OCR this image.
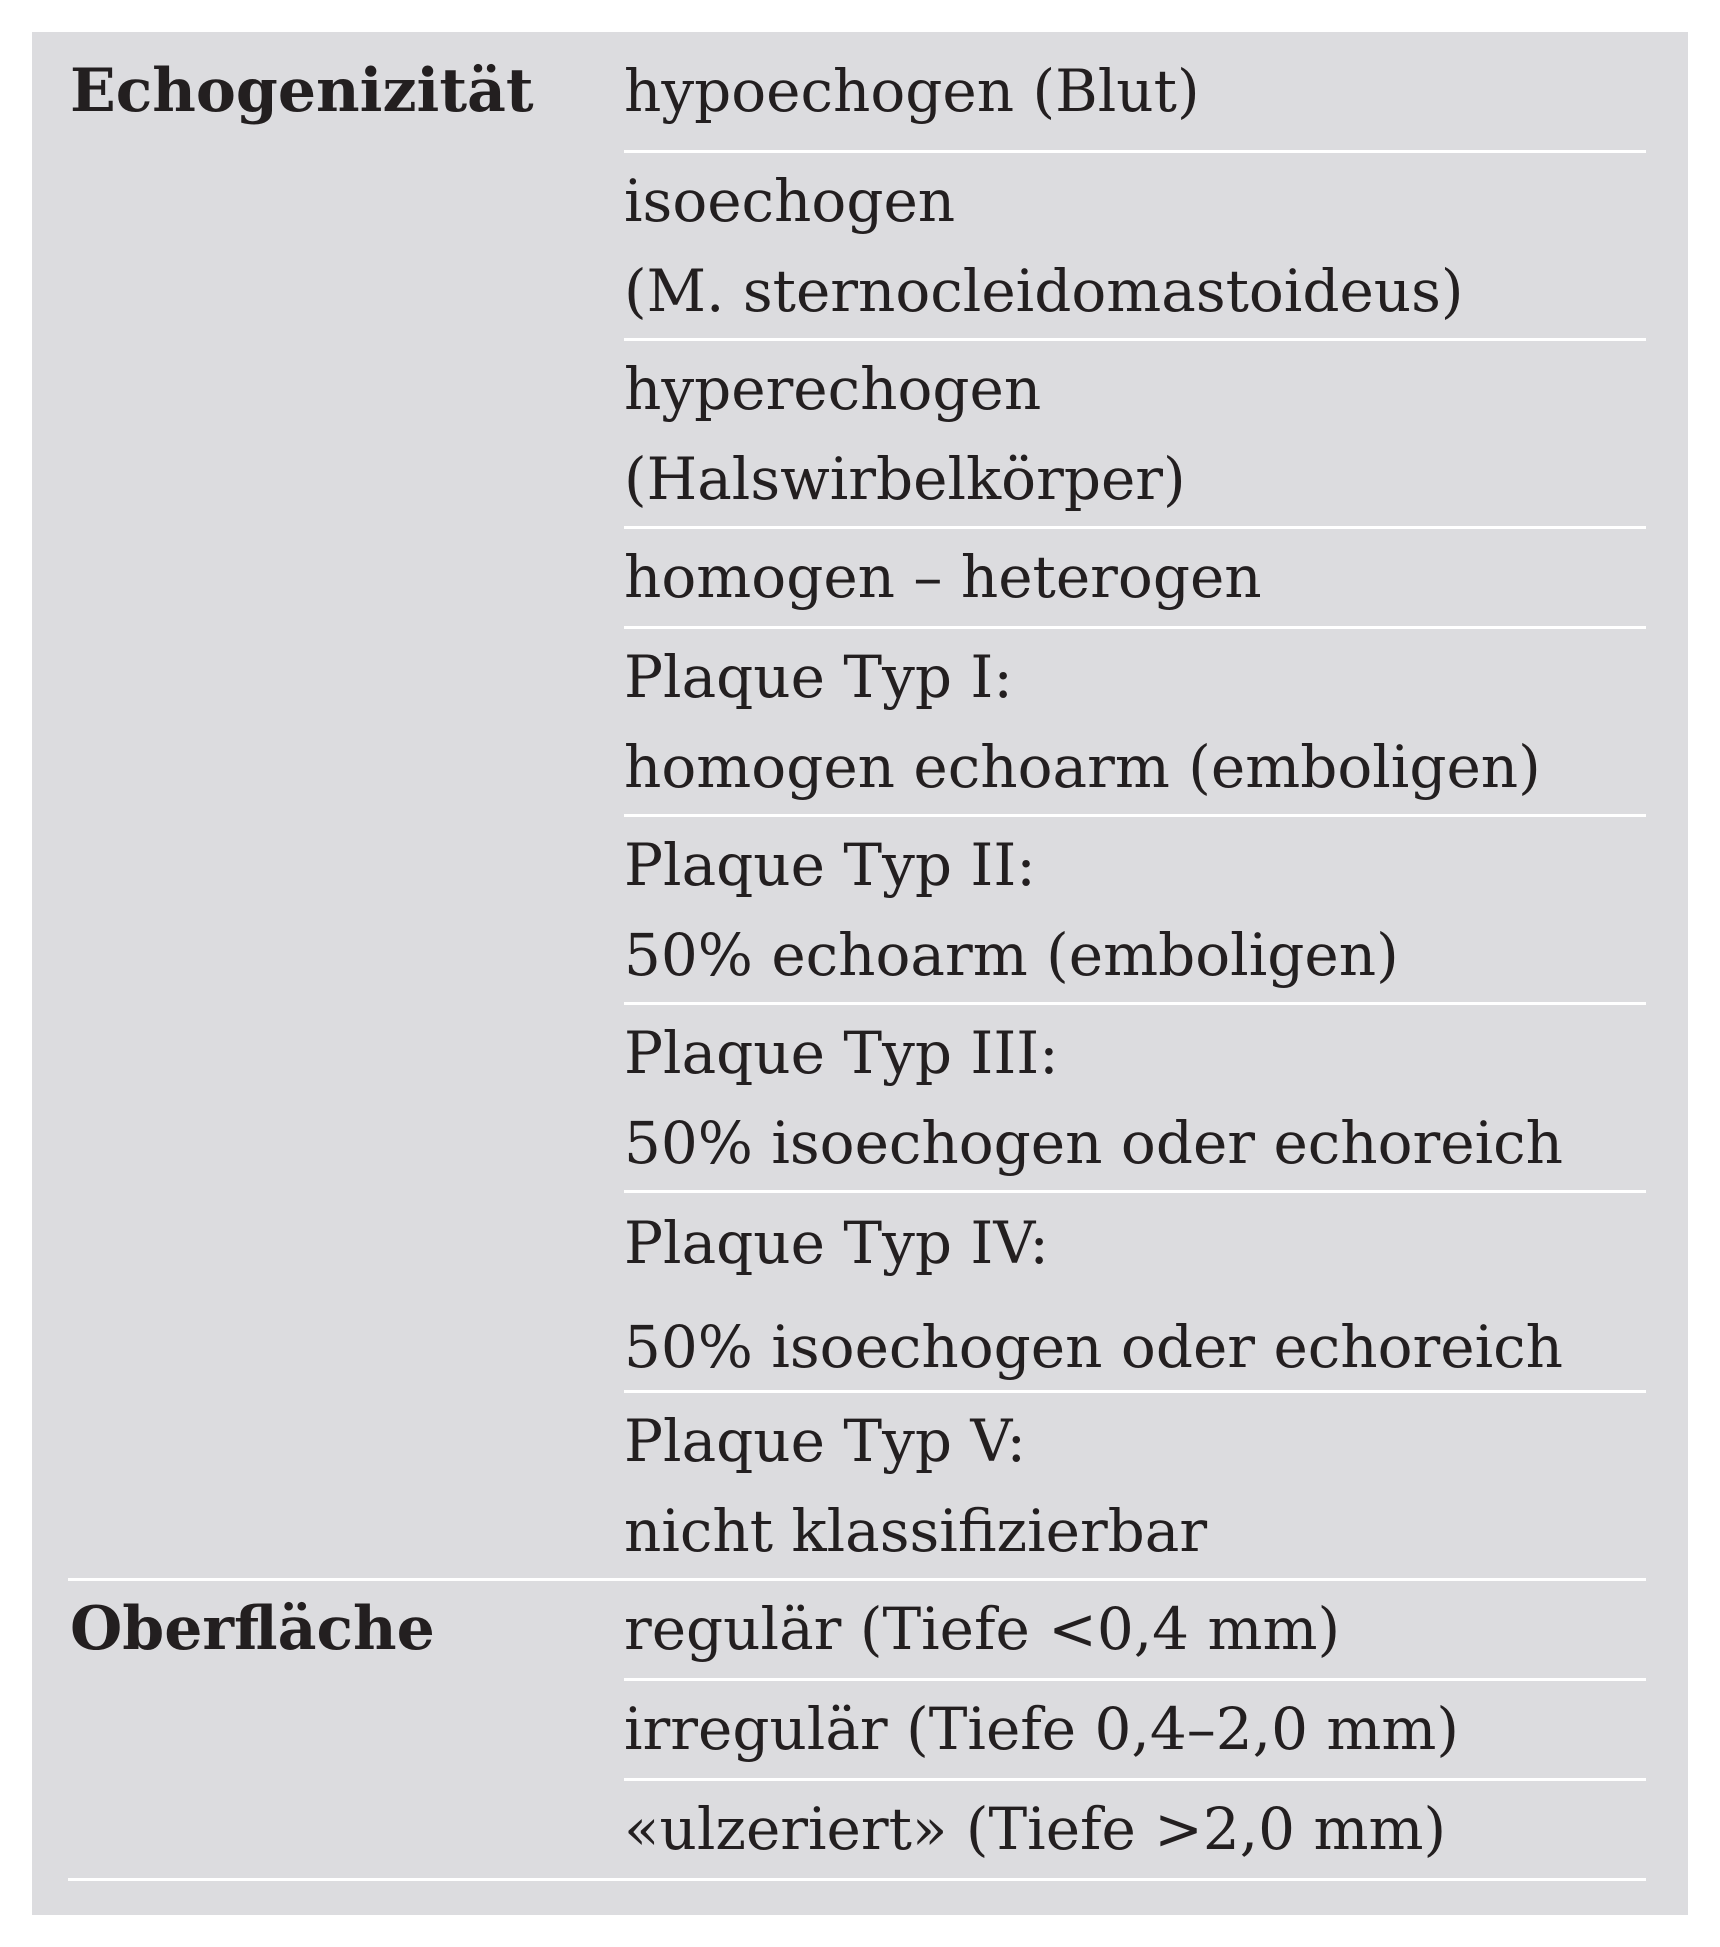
Echogenizität hypoechogen (Blut)
isoechogen
(M. sternocleidomastoideus)
hyperechogen
(Halswirbelkörper)
homogen – heterogen
Plaque Typ I:
homogen echoarm (emboligen)
Plaque Typ II:
50% echoarm (emboligen)
Plaque Typ III:
50% isoechogen oder echoreich
Plaque Typ IV:
50% isoechogen oder echoreich
Plaque Typ V:
nicht klassifizierbar
Oberfläche	regulär (Tiefe <0,4 mm)
irregulär (Tiefe 0,4–2,0 mm)
«ulzeriert» (Tiefe >2,0 mm)
